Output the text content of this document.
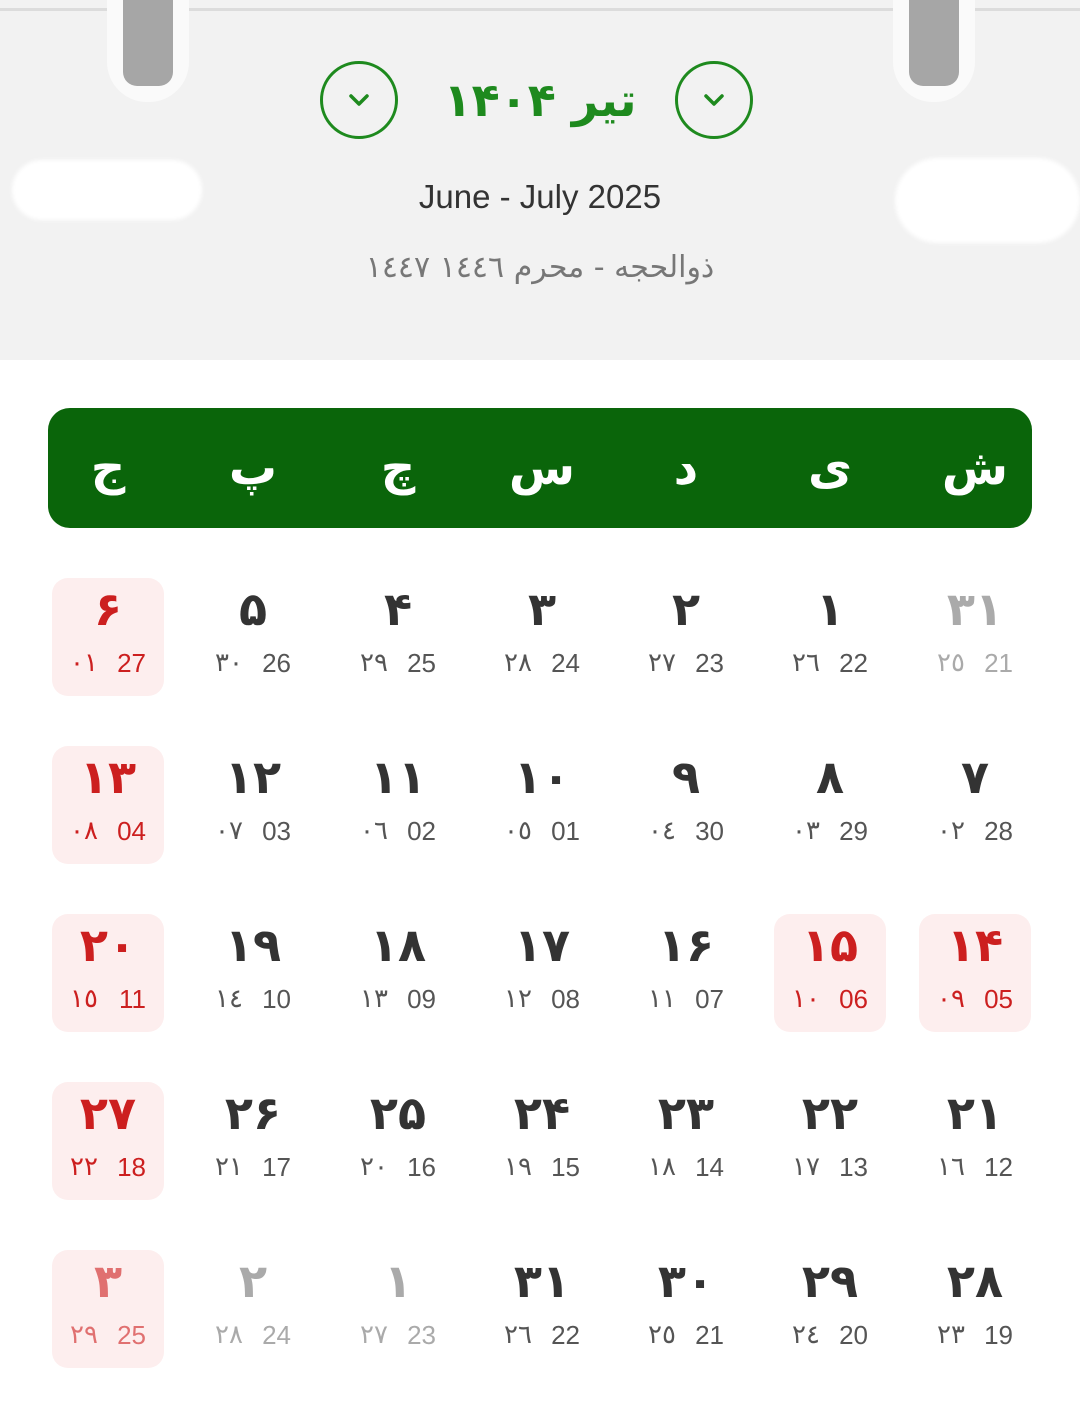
تیر ۱۴۰۴
June - July 2025
ذوالحجه - محرم ١٤٤٦ ١٤٤٧
ش
ی
د
س
چ
پ
ج
۳۱
٢٥ 21
۱
٢٦ 22
۲
٢٧ 23
۳
٢٨ 24
۴
٢٩ 25
۵
٣٠ 26
۶
٠١ 27
۷
٠٢ 28
۸
٠٣ 29
۹
٠٤ 30
۱۰
٠٥ 01
۱۱
٠٦ 02
۱۲
٠٧ 03
۱۳
٠٨ 04
۱۴
٠٩ 05
۱۵
١٠ 06
۱۶
١١ 07
۱۷
١٢ 08
۱۸
١٣ 09
۱۹
١٤ 10
۲۰
١٥ 11
۲۱
١٦ 12
۲۲
١٧ 13
۲۳
١٨ 14
۲۴
١٩ 15
۲۵
٢٠ 16
۲۶
٢١ 17
۲۷
٢٢ 18
۲۸
٢٣ 19
۲۹
٢٤ 20
۳۰
٢٥ 21
۳۱
٢٦ 22
۱
٢٧ 23
۲
٢٨ 24
۳
٢٩ 25
